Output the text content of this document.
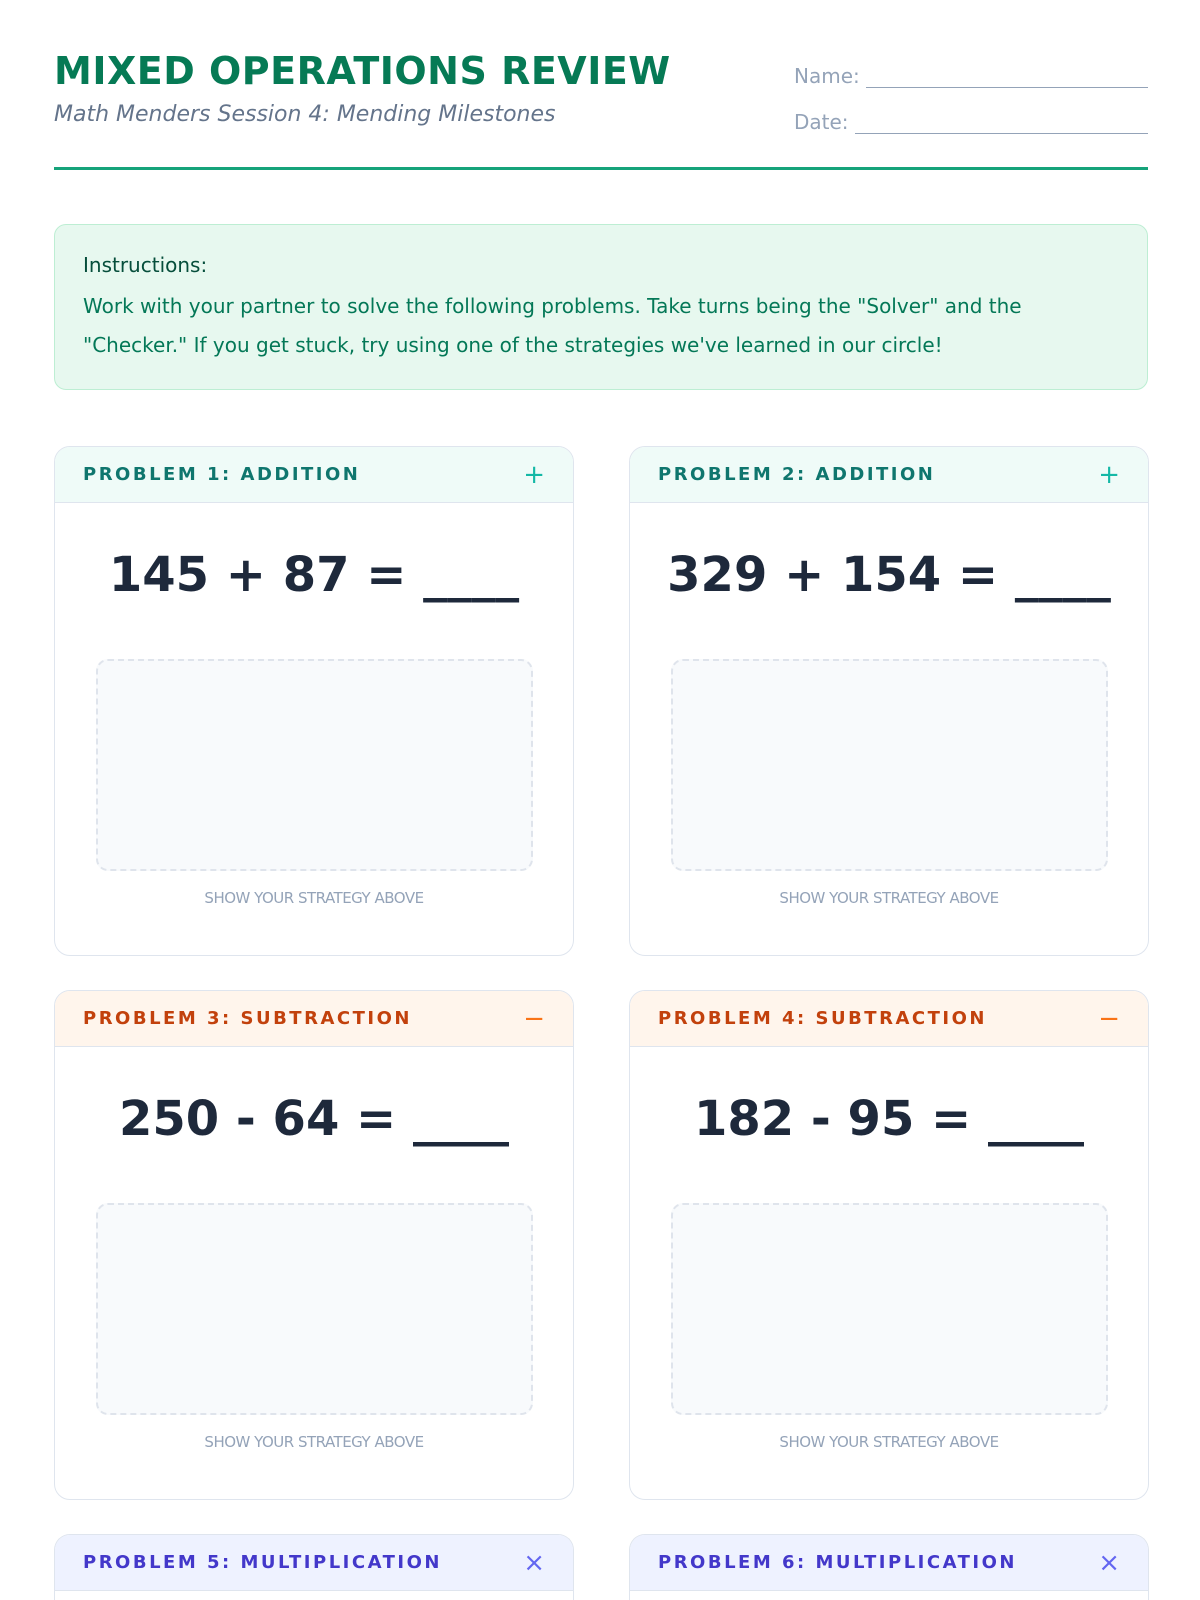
MIXED OPERATIONS REVIEW
Math Menders Session 4: Mending Milestones
Name:
Date:
Instructions:
Work with your partner to solve the following problems. Take turns being the "Solver" and the "Checker." If you get stuck, try using one of the strategies we've learned in our circle!
PROBLEM 1: ADDITION	+
145 + 87 = ____
SHOW YOUR STRATEGY ABOVE
PROBLEM 2: ADDITION	+
329 + 154 = ____
SHOW YOUR STRATEGY ABOVE
PROBLEM 3: SUBTRACTION	−
250 - 64 = ____
SHOW YOUR STRATEGY ABOVE
PROBLEM 4: SUBTRACTION	−
182 - 95 = ____
SHOW YOUR STRATEGY ABOVE
PROBLEM 5: MULTIPLICATION	×	PROBLEM 6: MULTIPLICATION	×
